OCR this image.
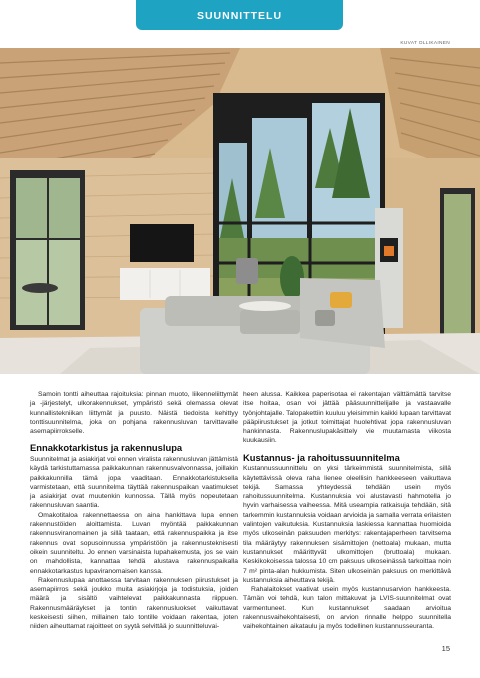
SUUNNITTELU
KUVAT OLLIKAINEN

Samoin tontti aiheuttaa rajoituksia: pinnan muoto, liikenneliittymät ja -järjestelyt, ulkorakennukset, ympäristö sekä olemassa olevat kunnallistekniikan liittymät ja puusto. Näistä tiedoista kehittyy tonttisuunnitelma, joka on pohjana rakennusluvan tarvittavalle asemapiirrokselle.

Ennakkotarkistus ja rakennuslupa

Suunnitelmat ja asiakirjat voi ennen viralista rakennusluvan jättämistä käydä tarkistuttamassa paikkakunnan rakennusvalvonnassa, joillakin paikkakunnilla tämä jopa vaaditaan. Ennakkotarkistuksella varmistetaan, että suunnitelma täyttää rakennuspaikan vaatimukset ja asiakirjat ovat muutenkin kunnossa. Tällä myös nopeutetaan rakennusluvan saantia.

Omakotitaloa rakennettaessa on aina hankittava lupa ennen rakennustöiden aloittamista. Luvan myöntää paikkakunnan rakennusviranomainen ja sillä taataan, että rakennuspaikka ja itse rakennus ovat sopusoinnussa ympäristöön ja rakennusteknisesti oikein suunniteltu. Jo ennen varsinaista lupahakemusta, jos se vain on mahdollista, kannattaa tehdä alustava rakennuspaikalla ennakkotarkastus lupaviranomaisen kanssa.

Rakennuslupaa anottaessa tarvitaan rakennuksen piirustukset ja asemapiirros sekä joukko muita asiakirjoja ja todistuksia, joiden määrä ja sisältö vaihtelevat paikkakunnasta riippuen. Rakennusmääräykset ja tontin rakennusluokset vaikuttavat keskeisesti siihen, millainen talo tontille voidaan rakentaa, joten niiden aiheuttamat rajoitteet on syytä selvittää jo suunnitteluvai-

heen alussa. Kaikkea paperisotaa ei rakentajan välttämättä tarvitse itse hoitaa, osan voi jättää pääsuunnittelijalle ja vastaavalle työnjohtajalle. Talopakettiin kuuluu yleisimmin kaikki lupaan tarvittavat pääpiirustukset ja jotkut toimittajat huolehtivat jopa rakennusluvan hankinnasta. Rakennuslupakäsittely vie muutamasta viikosta kuukausiin.

Kustannus- ja rahoitussuunnitelma

Kustannussuunnittelu on yksi tärkeimmistä suunnitelmista, sillä käytettävissä oleva raha lienee oleellisin hankkeeseen vaikuttava tekijä. Samassa yhteydessä tehdään usein myös rahoitussuunnitelma. Kustannuksia voi alustavasti hahmotella jo hyvin varhaisessa vaiheessa. Mitä useampia ratkaisuja tehdään, sitä tarkemmin kustannuksia voidaan arvioida ja samalla verrata erilaisten valintojen vaikutuksia. Kustannuksia laskiessa kannattaa huomioida myös ulkoseinän paksuuden merkitys: rakentajaperheen tarvitsema tila määräytyy rakennuksen sisämittojen (nettoala) mukaan, mutta kustannukset määrittyvät ulkomittojen (bruttoala) mukaan. Keskikokoisessa talossa 10 cm paksuus ulkoseinässä tarkoittaa noin 7 m² pinta-alan hukkumista. Siten ulkoseinän paksuus on merkittävä kustannuksia aiheuttava tekijä.

Rahalaitokset vaativat usein myös kustannusarvion hankkeesta. Tämän voi tehdä, kun talon mittakuvat ja LVIS-suunnitelmat ovat varmentuneet. Kun kustannukset saadaan arvioitua rakennusvaihekohtaisesti, on arvion rinnalle helppo suunnitella vaihekohtainen aikataulu ja myös todellinen kustannusseuranta.

15
